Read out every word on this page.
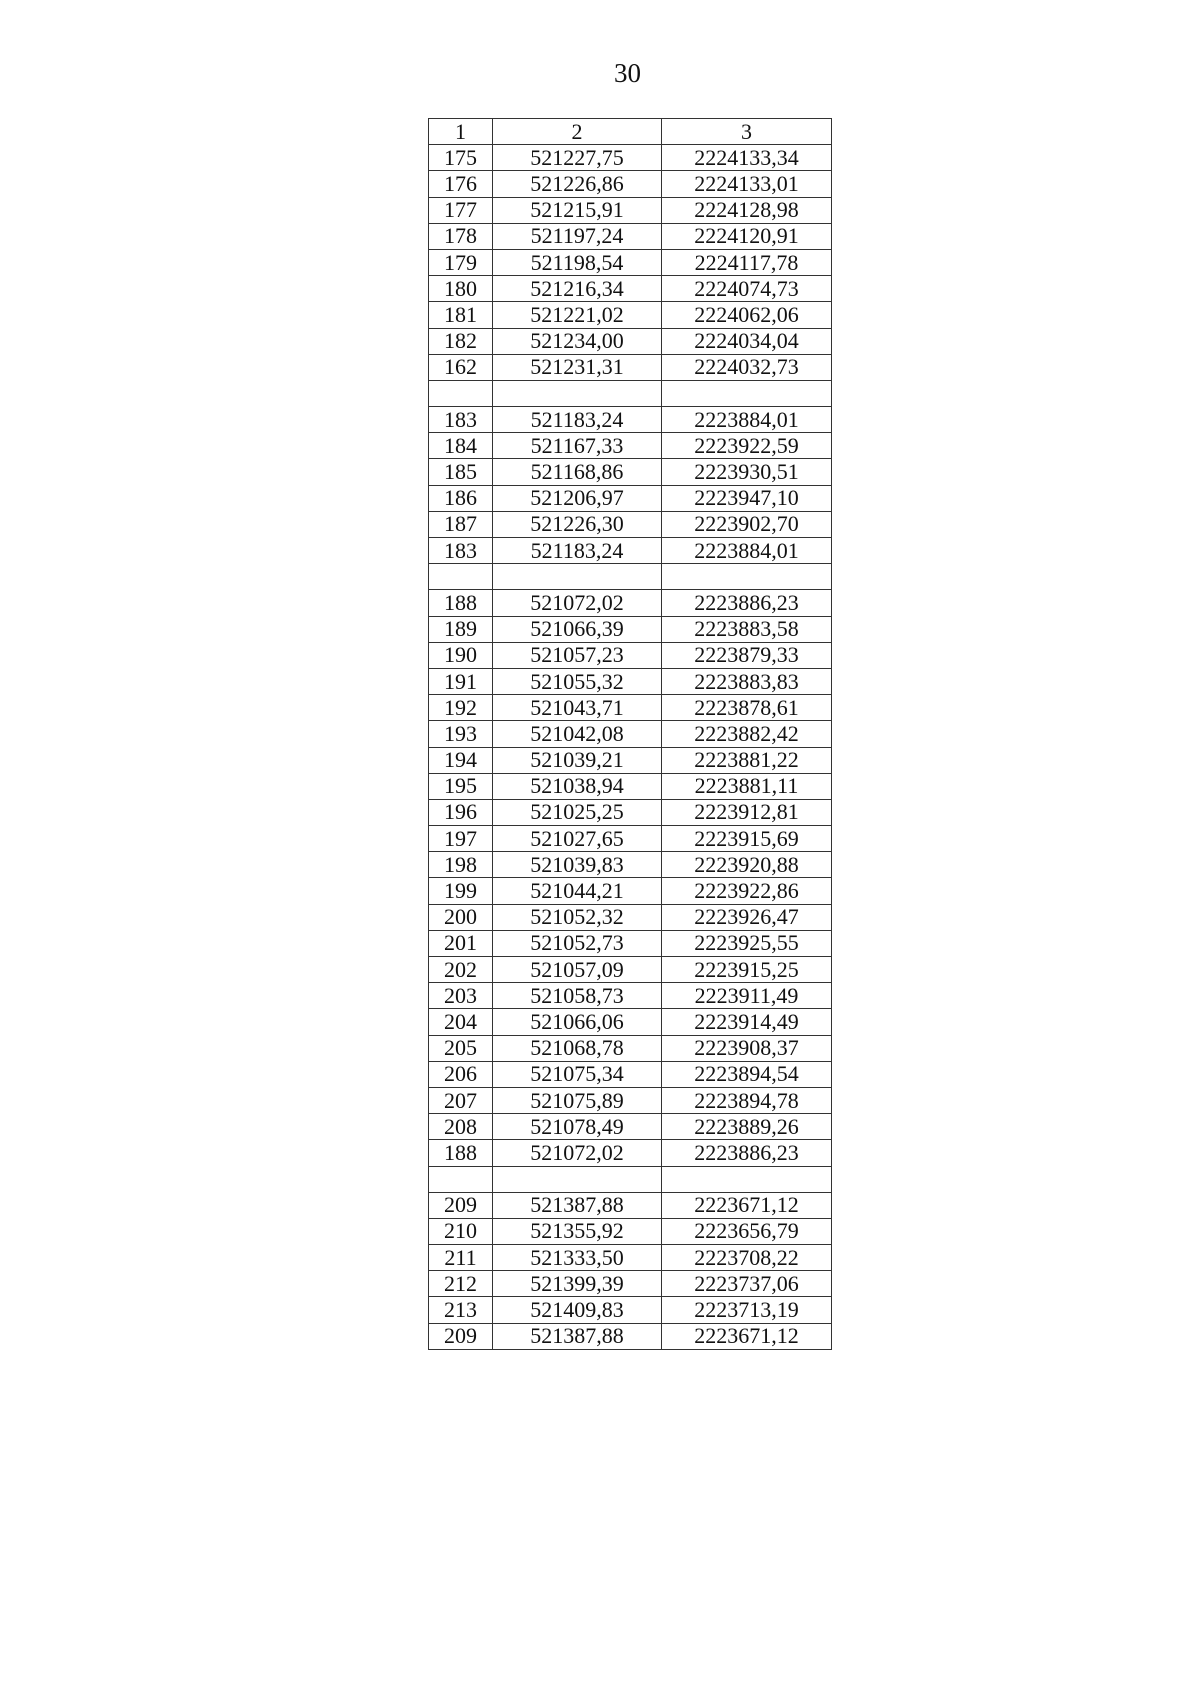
30
1	2	3
175	521227,75	2224133,34
176	521226,86	2224133,01
177	521215,91	2224128,98
178	521197,24	2224120,91
179	521198,54	2224117,78
180	521216,34	2224074,73
181	521221,02	2224062,06
182	521234,00	2224034,04
162	521231,31	2224032,73

183	521183,24	2223884,01
184	521167,33	2223922,59
185	521168,86	2223930,51
186	521206,97	2223947,10
187	521226,30	2223902,70
183	521183,24	2223884,01

188	521072,02	2223886,23
189	521066,39	2223883,58
190	521057,23	2223879,33
191	521055,32	2223883,83
192	521043,71	2223878,61
193	521042,08	2223882,42
194	521039,21	2223881,22
195	521038,94	2223881,11
196	521025,25	2223912,81
197	521027,65	2223915,69
198	521039,83	2223920,88
199	521044,21	2223922,86
200	521052,32	2223926,47
201	521052,73	2223925,55
202	521057,09	2223915,25
203	521058,73	2223911,49
204	521066,06	2223914,49
205	521068,78	2223908,37
206	521075,34	2223894,54
207	521075,89	2223894,78
208	521078,49	2223889,26
188	521072,02	2223886,23

209	521387,88	2223671,12
210	521355,92	2223656,79
211	521333,50	2223708,22
212	521399,39	2223737,06
213	521409,83	2223713,19
209	521387,88	2223671,12
